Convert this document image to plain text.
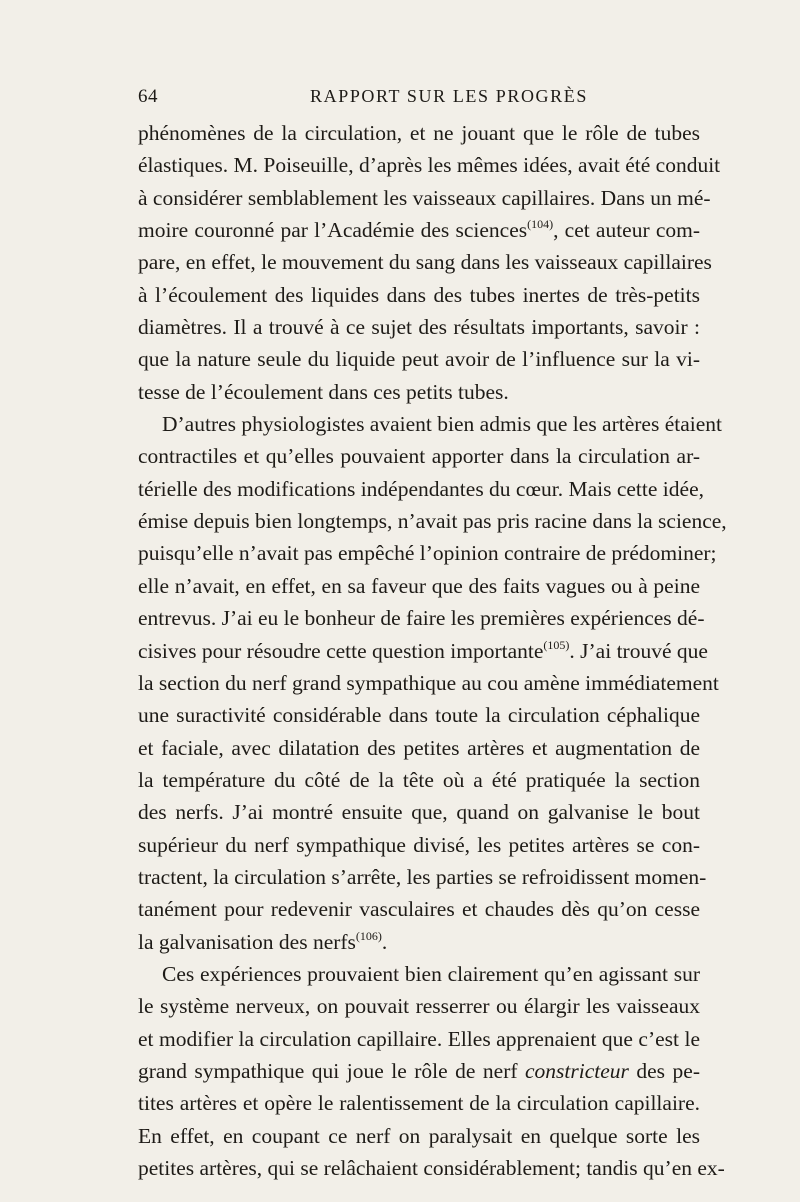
64	RAPPORT SUR LES PROGRÈS
phénomènes de la circulation, et ne jouant que le rôle de tubes
élastiques. M. Poiseuille, d’après les mêmes idées, avait été conduit
à considérer semblablement les vaisseaux capillaires. Dans un mé-
moire couronné par l’Académie des sciences$^{(104)}$, cet auteur com-
pare, en effet, le mouvement du sang dans les vaisseaux capillaires
à l’écoulement des liquides dans des tubes inertes de très-petits
diamètres. Il a trouvé à ce sujet des résultats importants, savoir :
que la nature seule du liquide peut avoir de l’influence sur la vi-
tesse de l’écoulement dans ces petits tubes.
D’autres physiologistes avaient bien admis que les artères étaient
contractiles et qu’elles pouvaient apporter dans la circulation ar-
térielle des modifications indépendantes du cœur. Mais cette idée,
émise depuis bien longtemps, n’avait pas pris racine dans la science,
puisqu’elle n’avait pas empêché l’opinion contraire de prédominer;
elle n’avait, en effet, en sa faveur que des faits vagues ou à peine
entrevus. J’ai eu le bonheur de faire les premières expériences dé-
cisives pour résoudre cette question importante$^{(105)}$. J’ai trouvé que
la section du nerf grand sympathique au cou amène immédiatement
une suractivité considérable dans toute la circulation céphalique
et faciale, avec dilatation des petites artères et augmentation de
la température du côté de la tête où a été pratiquée la section
des nerfs. J’ai montré ensuite que, quand on galvanise le bout
supérieur du nerf sympathique divisé, les petites artères se con-
tractent, la circulation s’arrête, les parties se refroidissent momen-
tanément pour redevenir vasculaires et chaudes dès qu’on cesse
la galvanisation des nerfs$^{(106)}$.
Ces expériences prouvaient bien clairement qu’en agissant sur
le système nerveux, on pouvait resserrer ou élargir les vaisseaux
et modifier la circulation capillaire. Elles apprenaient que c’est le
grand sympathique qui joue le rôle de nerf constricteur des pe-
tites artères et opère le ralentissement de la circulation capillaire.
En effet, en coupant ce nerf on paralysait en quelque sorte les
petites artères, qui se relâchaient considérablement; tandis qu’en ex-
